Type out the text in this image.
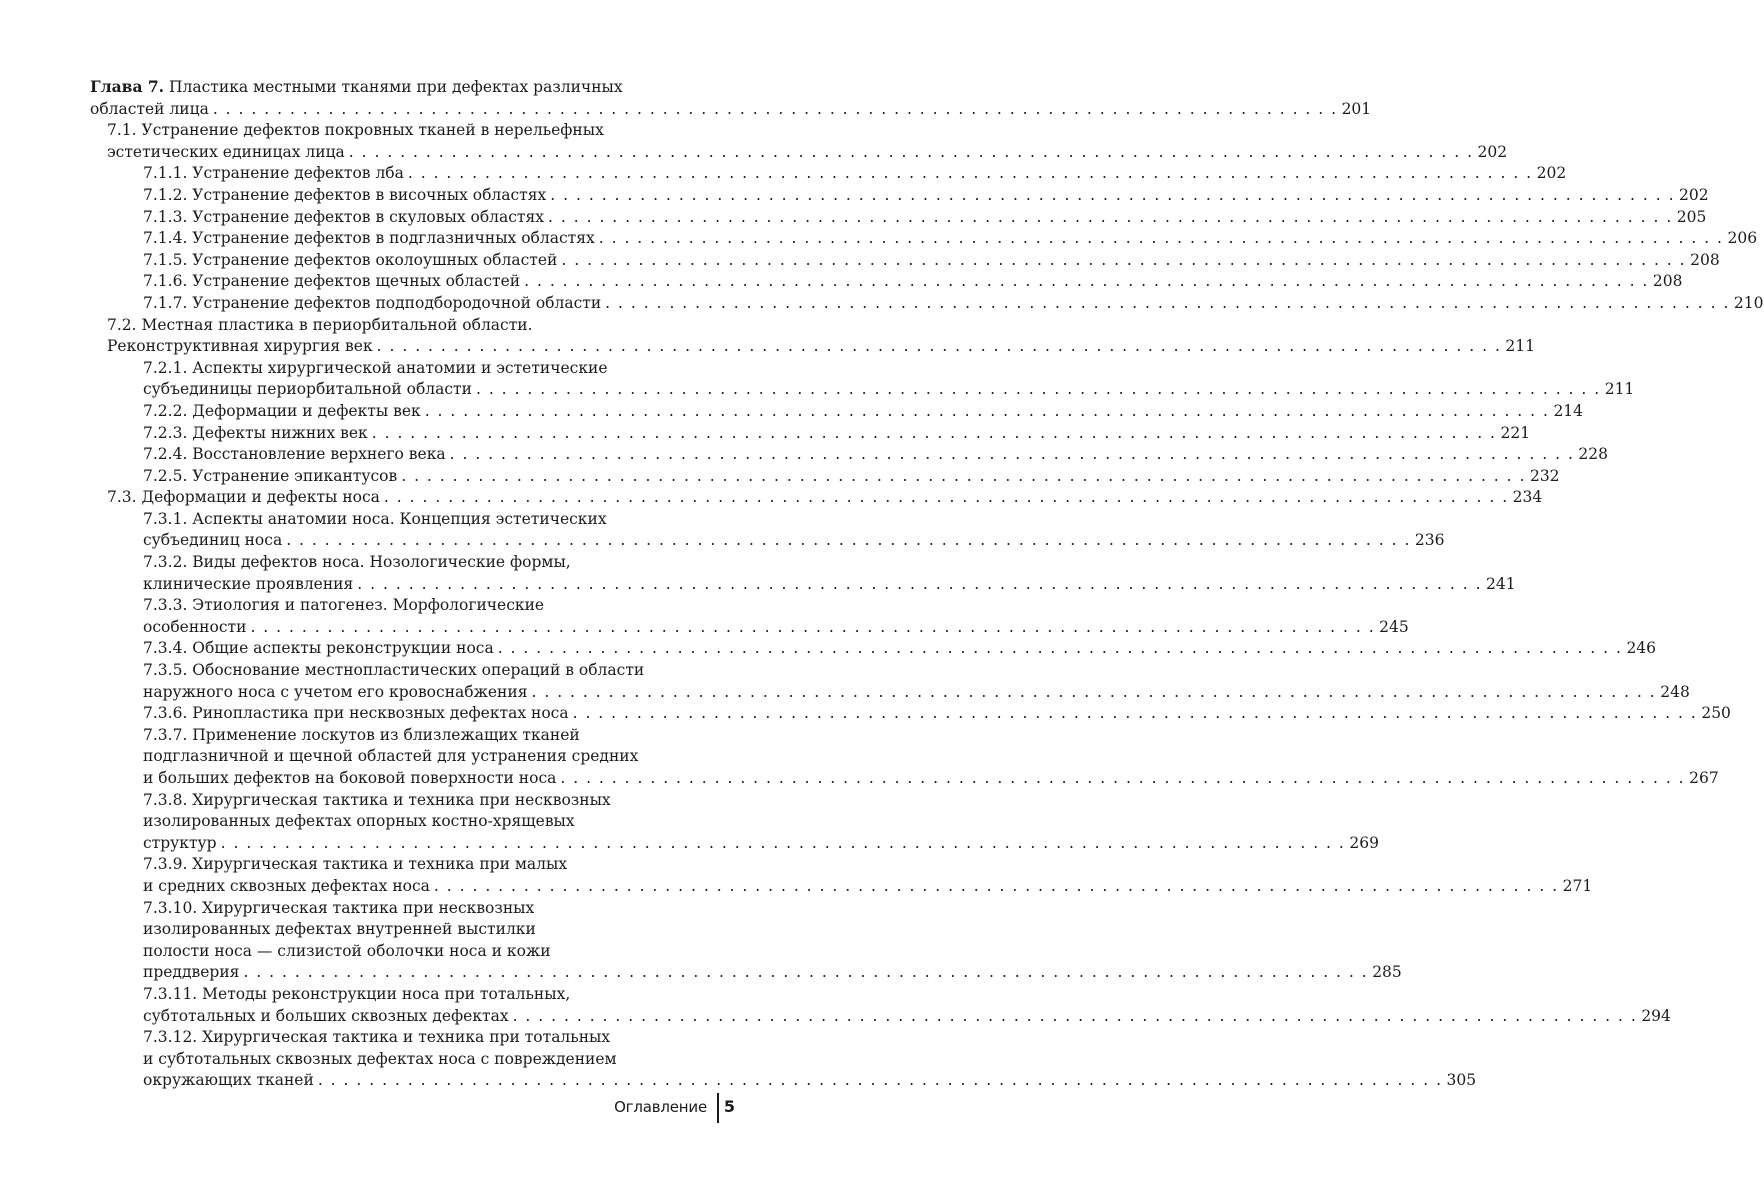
Глава 7. Пластика местными тканями при дефектах различных
областей лица . . . . . . . . . . . . . . . . . . . . . . . . . . . . . . . . . . . . . . . . . . . . . . . . . . . . . . . . . . . . . . . . . . . . . . . . . . . . . . . . . . . . . . . . 201
7.1. Устранение дефектов покровных тканей в нерельефных
эстетических единицах лица . . . . . . . . . . . . . . . . . . . . . . . . . . . . . . . . . . . . . . . . . . . . . . . . . . . . . . . . . . . . . . . . . . . . . . . . . . . . . . . . . . . . . . . . 202
7.1.1. Устранение дефектов лба . . . . . . . . . . . . . . . . . . . . . . . . . . . . . . . . . . . . . . . . . . . . . . . . . . . . . . . . . . . . . . . . . . . . . . . . . . . . . . . . . . . . . . . . 202
7.1.2. Устранение дефектов в височных областях . . . . . . . . . . . . . . . . . . . . . . . . . . . . . . . . . . . . . . . . . . . . . . . . . . . . . . . . . . . . . . . . . . . . . . . . . . . . . . . . . . . . . . . . 202
7.1.3. Устранение дефектов в скуловых областях . . . . . . . . . . . . . . . . . . . . . . . . . . . . . . . . . . . . . . . . . . . . . . . . . . . . . . . . . . . . . . . . . . . . . . . . . . . . . . . . . . . . . . . . 205
7.1.4. Устранение дефектов в подглазничных областях . . . . . . . . . . . . . . . . . . . . . . . . . . . . . . . . . . . . . . . . . . . . . . . . . . . . . . . . . . . . . . . . . . . . . . . . . . . . . . . . . . . . . . . . 206
7.1.5. Устранение дефектов околоушных областей . . . . . . . . . . . . . . . . . . . . . . . . . . . . . . . . . . . . . . . . . . . . . . . . . . . . . . . . . . . . . . . . . . . . . . . . . . . . . . . . . . . . . . . . 208
7.1.6. Устранение дефектов щечных областей . . . . . . . . . . . . . . . . . . . . . . . . . . . . . . . . . . . . . . . . . . . . . . . . . . . . . . . . . . . . . . . . . . . . . . . . . . . . . . . . . . . . . . . . 208
7.1.7. Устранение дефектов подподбородочной области . . . . . . . . . . . . . . . . . . . . . . . . . . . . . . . . . . . . . . . . . . . . . . . . . . . . . . . . . . . . . . . . . . . . . . . . . . . . . . . . . . . . . . . . 210
7.2. Местная пластика в периорбитальной области.
Реконструктивная хирургия век . . . . . . . . . . . . . . . . . . . . . . . . . . . . . . . . . . . . . . . . . . . . . . . . . . . . . . . . . . . . . . . . . . . . . . . . . . . . . . . . . . . . . . . . 211
7.2.1. Аспекты хирургической анатомии и эстетические
субъединицы периорбитальной области . . . . . . . . . . . . . . . . . . . . . . . . . . . . . . . . . . . . . . . . . . . . . . . . . . . . . . . . . . . . . . . . . . . . . . . . . . . . . . . . . . . . . . . . 211
7.2.2. Деформации и дефекты век . . . . . . . . . . . . . . . . . . . . . . . . . . . . . . . . . . . . . . . . . . . . . . . . . . . . . . . . . . . . . . . . . . . . . . . . . . . . . . . . . . . . . . . . 214
7.2.3. Дефекты нижних век . . . . . . . . . . . . . . . . . . . . . . . . . . . . . . . . . . . . . . . . . . . . . . . . . . . . . . . . . . . . . . . . . . . . . . . . . . . . . . . . . . . . . . . . 221
7.2.4. Восстановление верхнего века . . . . . . . . . . . . . . . . . . . . . . . . . . . . . . . . . . . . . . . . . . . . . . . . . . . . . . . . . . . . . . . . . . . . . . . . . . . . . . . . . . . . . . . . 228
7.2.5. Устранение эпикантусов . . . . . . . . . . . . . . . . . . . . . . . . . . . . . . . . . . . . . . . . . . . . . . . . . . . . . . . . . . . . . . . . . . . . . . . . . . . . . . . . . . . . . . . . 232
7.3. Деформации и дефекты носа . . . . . . . . . . . . . . . . . . . . . . . . . . . . . . . . . . . . . . . . . . . . . . . . . . . . . . . . . . . . . . . . . . . . . . . . . . . . . . . . . . . . . . . . 234
7.3.1. Аспекты анатомии носа. Концепция эстетических
субъединиц носа . . . . . . . . . . . . . . . . . . . . . . . . . . . . . . . . . . . . . . . . . . . . . . . . . . . . . . . . . . . . . . . . . . . . . . . . . . . . . . . . . . . . . . . . 236
7.3.2. Виды дефектов носа. Нозологические формы,
клинические проявления . . . . . . . . . . . . . . . . . . . . . . . . . . . . . . . . . . . . . . . . . . . . . . . . . . . . . . . . . . . . . . . . . . . . . . . . . . . . . . . . . . . . . . . . 241
7.3.3. Этиология и патогенез. Морфологические
особенности . . . . . . . . . . . . . . . . . . . . . . . . . . . . . . . . . . . . . . . . . . . . . . . . . . . . . . . . . . . . . . . . . . . . . . . . . . . . . . . . . . . . . . . . 245
7.3.4. Общие аспекты реконструкции носа . . . . . . . . . . . . . . . . . . . . . . . . . . . . . . . . . . . . . . . . . . . . . . . . . . . . . . . . . . . . . . . . . . . . . . . . . . . . . . . . . . . . . . . . 246
7.3.5. Обоснование местнопластических операций в области
наружного носа с учетом его кровоснабжения . . . . . . . . . . . . . . . . . . . . . . . . . . . . . . . . . . . . . . . . . . . . . . . . . . . . . . . . . . . . . . . . . . . . . . . . . . . . . . . . . . . . . . . . 248
7.3.6. Ринопластика при несквозных дефектах носа . . . . . . . . . . . . . . . . . . . . . . . . . . . . . . . . . . . . . . . . . . . . . . . . . . . . . . . . . . . . . . . . . . . . . . . . . . . . . . . . . . . . . . . . 250
7.3.7. Применение лоскутов из близлежащих тканей
подглазничной и щечной областей для устранения средних
и больших дефектов на боковой поверхности носа . . . . . . . . . . . . . . . . . . . . . . . . . . . . . . . . . . . . . . . . . . . . . . . . . . . . . . . . . . . . . . . . . . . . . . . . . . . . . . . . . . . . . . . . 267
7.3.8. Хирургическая тактика и техника при несквозных
изолированных дефектах опорных костно-хрящевых
структур . . . . . . . . . . . . . . . . . . . . . . . . . . . . . . . . . . . . . . . . . . . . . . . . . . . . . . . . . . . . . . . . . . . . . . . . . . . . . . . . . . . . . . . . 269
7.3.9. Хирургическая тактика и техника при малых
и средних сквозных дефектах носа . . . . . . . . . . . . . . . . . . . . . . . . . . . . . . . . . . . . . . . . . . . . . . . . . . . . . . . . . . . . . . . . . . . . . . . . . . . . . . . . . . . . . . . . 271
7.3.10. Хирургическая тактика при несквозных
изолированных дефектах внутренней выстилки
полости носа — слизистой оболочки носа и кожи
преддверия . . . . . . . . . . . . . . . . . . . . . . . . . . . . . . . . . . . . . . . . . . . . . . . . . . . . . . . . . . . . . . . . . . . . . . . . . . . . . . . . . . . . . . . . 285
7.3.11. Методы реконструкции носа при тотальных,
субтотальных и больших сквозных дефектах . . . . . . . . . . . . . . . . . . . . . . . . . . . . . . . . . . . . . . . . . . . . . . . . . . . . . . . . . . . . . . . . . . . . . . . . . . . . . . . . . . . . . . . . 294
7.3.12. Хирургическая тактика и техника при тотальных
и субтотальных сквозных дефектах носа с повреждением
окружающих тканей . . . . . . . . . . . . . . . . . . . . . . . . . . . . . . . . . . . . . . . . . . . . . . . . . . . . . . . . . . . . . . . . . . . . . . . . . . . . . . . . . . . . . . . . 305
Оглавление 5
